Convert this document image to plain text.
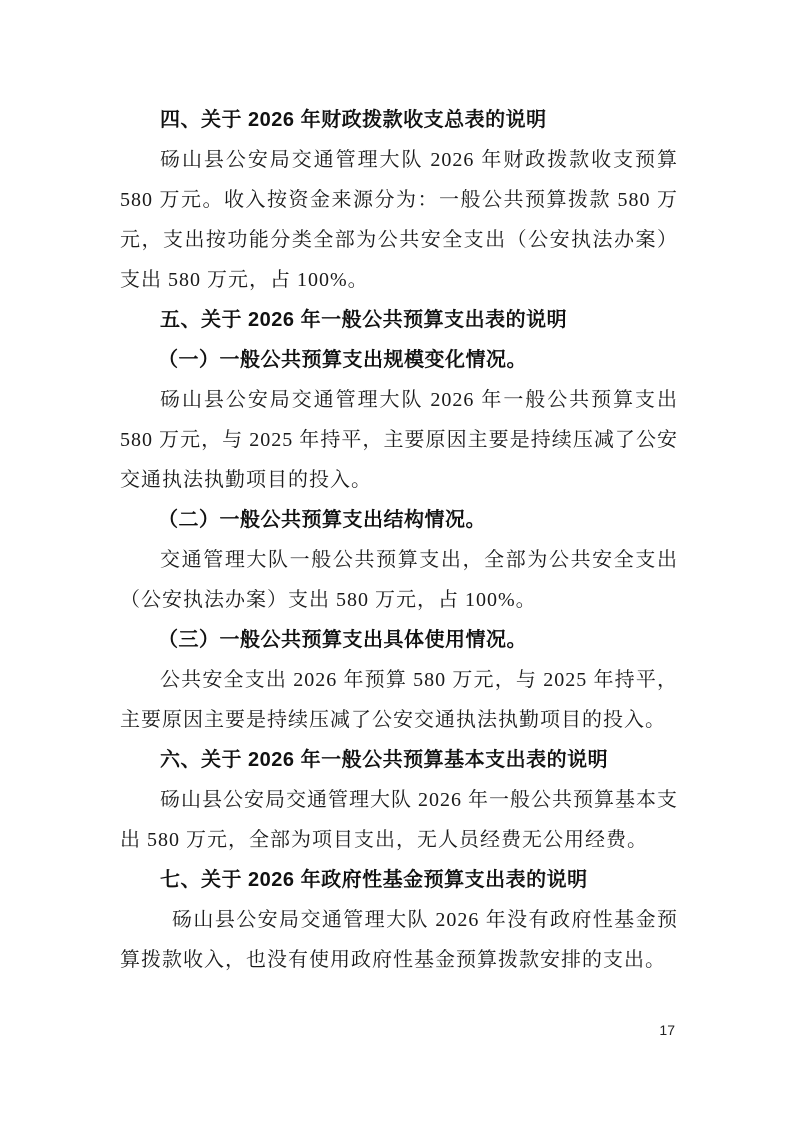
四、关于 2026 年财政拨款收支总表的说明

砀山县公安局交通管理大队 2026 年财政拨款收支预算 580 万元。收入按资金来源分为：一般公共预算拨款 580 万元，支出按功能分类全部为公共安全支出（公安执法办案）支出 580 万元，占 100%。

五、关于 2026 年一般公共预算支出表的说明
（一）一般公共预算支出规模变化情况。

砀山县公安局交通管理大队 2026 年一般公共预算支出 580 万元，与 2025 年持平，主要原因主要是持续压减了公安交通执法执勤项目的投入。

（二）一般公共预算支出结构情况。

交通管理大队一般公共预算支出，全部为公共安全支出（公安执法办案）支出 580 万元，占 100%。

（三）一般公共预算支出具体使用情况。

公共安全支出 2026 年预算 580 万元，与 2025 年持平，主要原因主要是持续压减了公安交通执法执勤项目的投入。

六、关于 2026 年一般公共预算基本支出表的说明

砀山县公安局交通管理大队 2026 年一般公共预算基本支出 580 万元，全部为项目支出，无人员经费无公用经费。

七、关于 2026 年政府性基金预算支出表的说明

砀山县公安局交通管理大队 2026 年没有政府性基金预算拨款收入，也没有使用政府性基金预算拨款安排的支出。

17
